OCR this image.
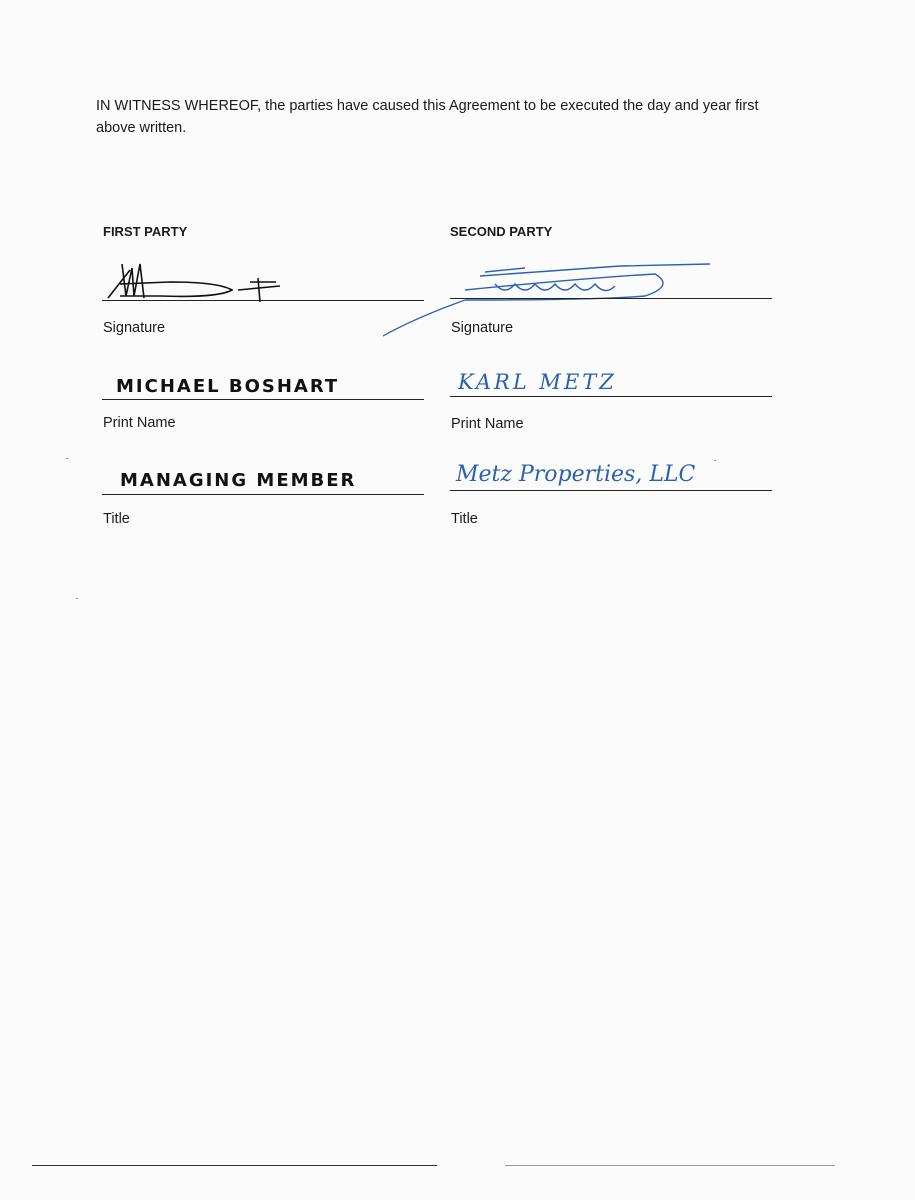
IN WITNESS WHEREOF, the parties have caused this Agreement to be executed the day and year first above written.
FIRST PARTY
Signature
MICHAEL BOSHART
Print Name
MANAGING MEMBER
Title
SECOND PARTY
Signature
KARL METZ
Print Name
Metz Properties, LLC
Title
